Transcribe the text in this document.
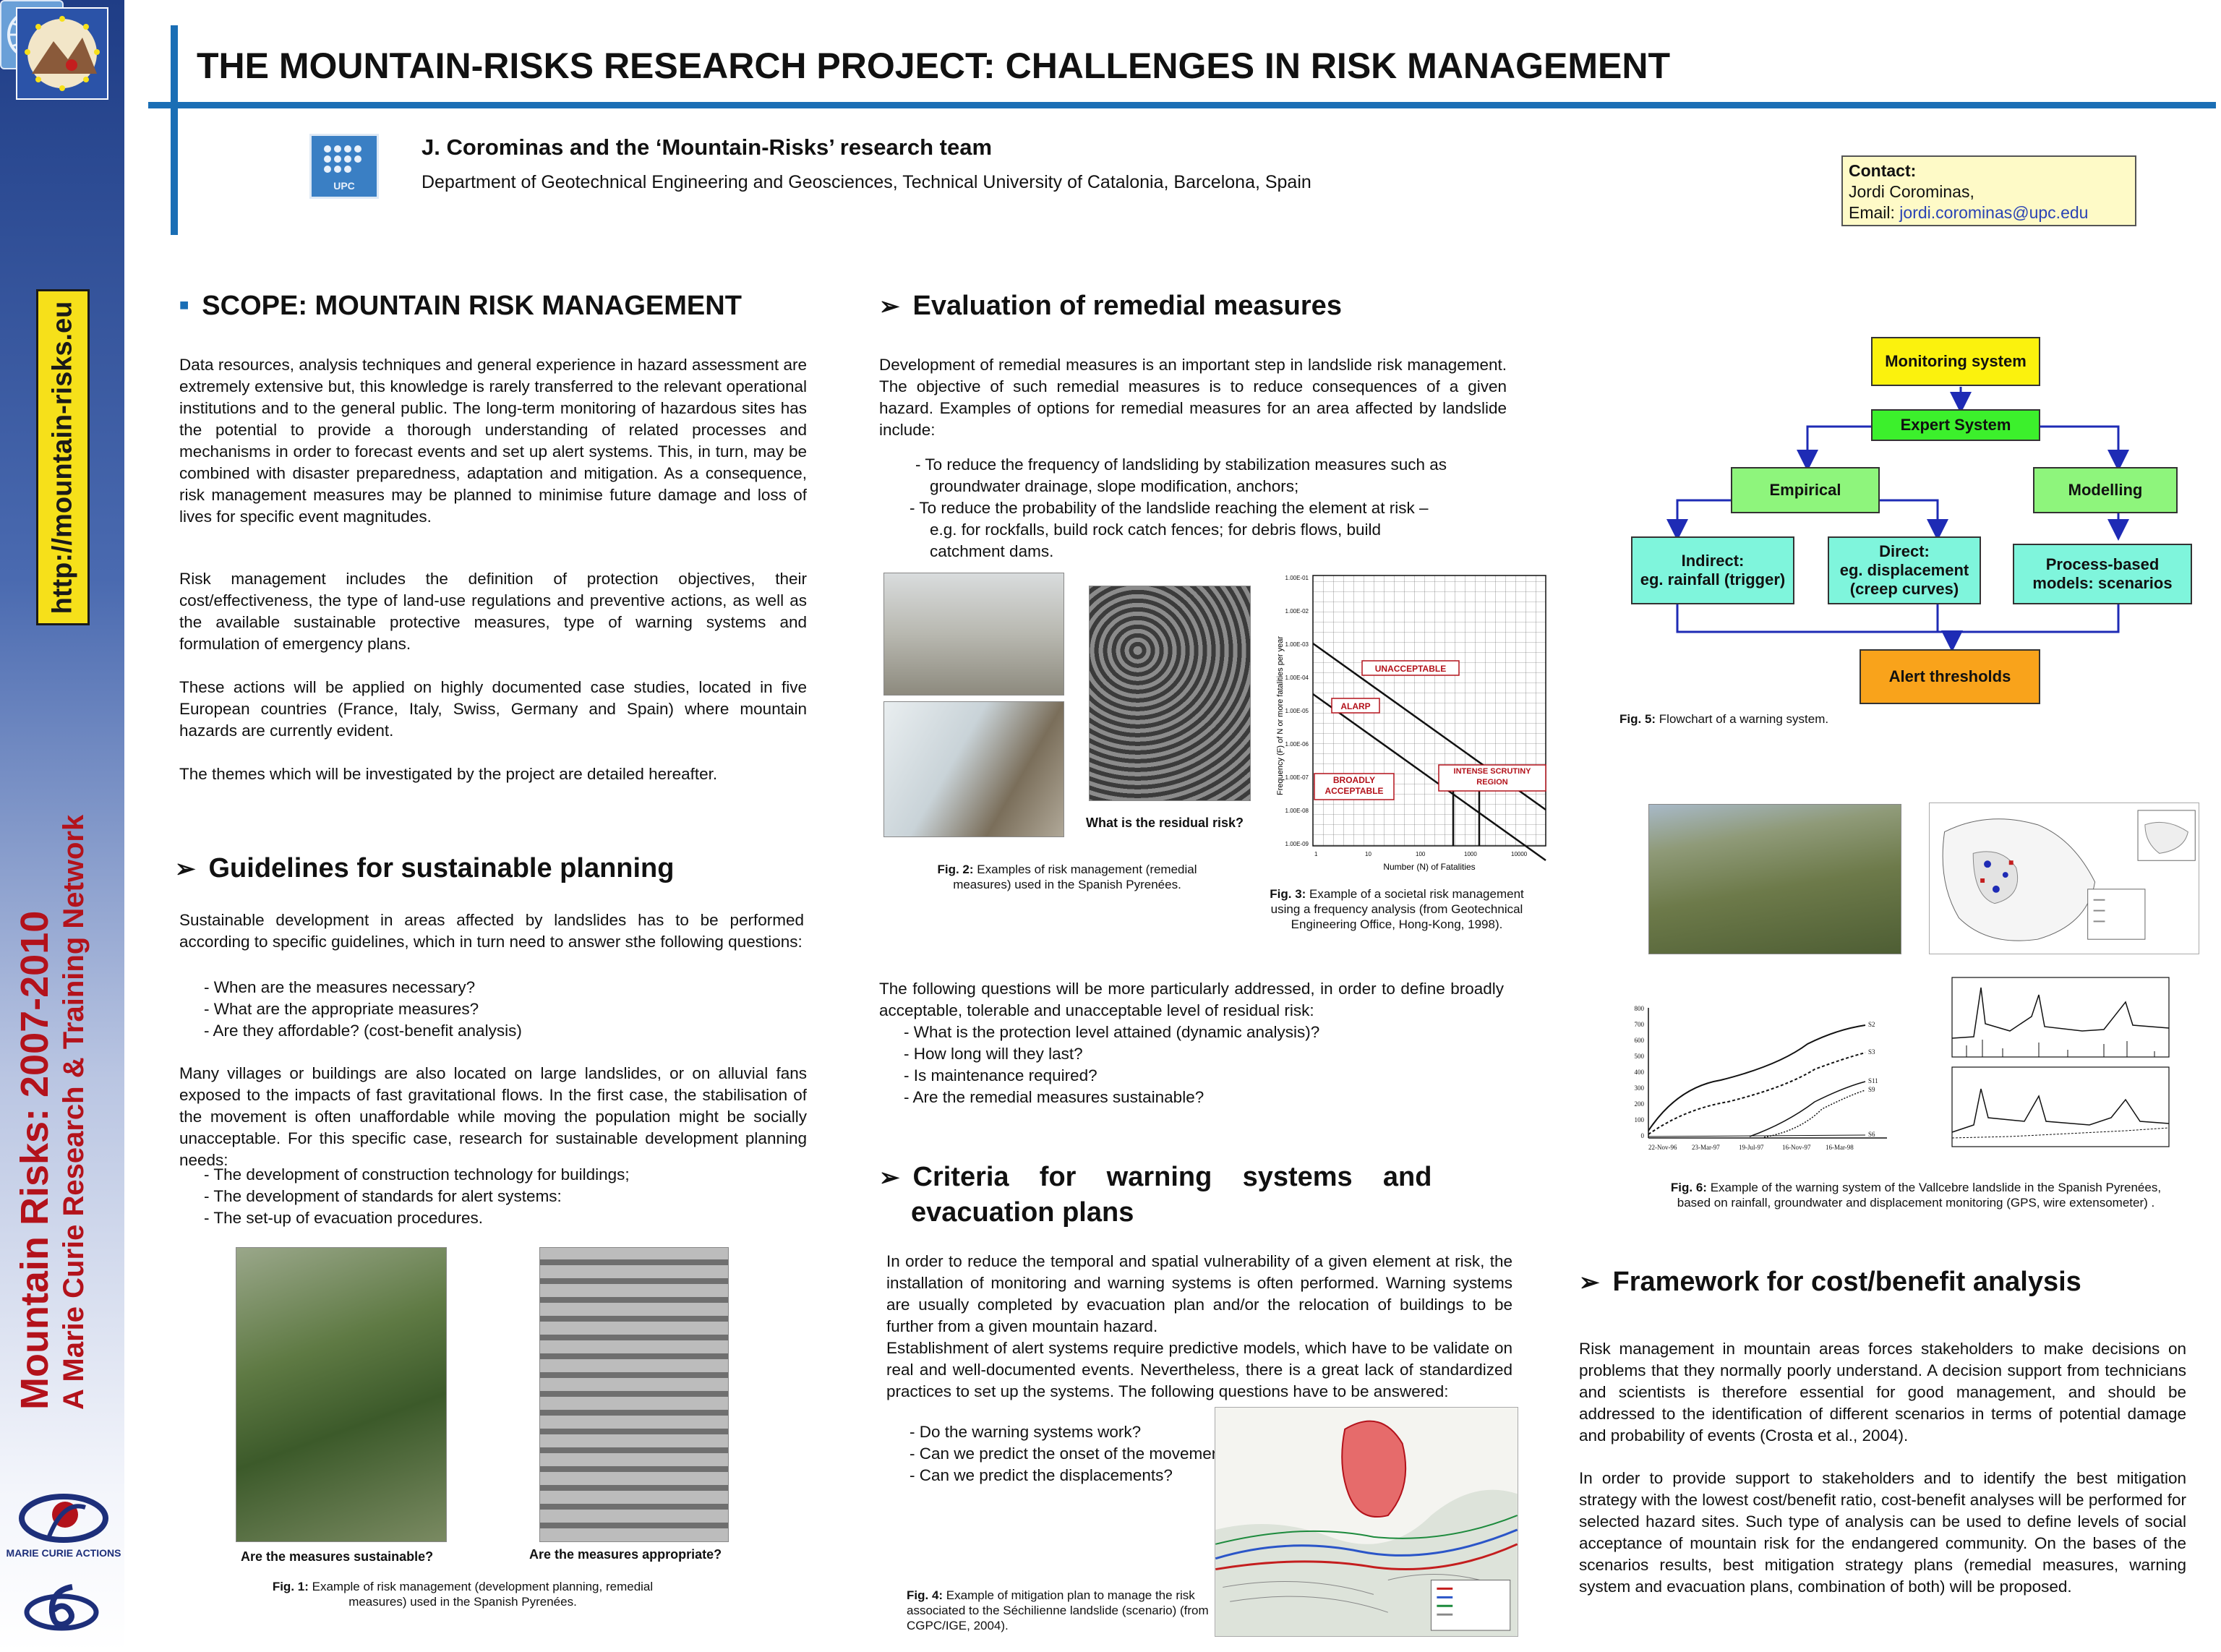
http://mountain-risks.eu
Mountain Risks: 2007-2010 A Marie Curie Research & Training Network
MARIE CURIE ACTIONS
THE MOUNTAIN-RISKS RESEARCH PROJECT: CHALLENGES IN RISK MANAGEMENT
UPC
J. Corominas and the ‘Mountain-Risks’ research team
Department of Geotechnical Engineering and Geosciences, Technical University of Catalonia, Barcelona, Spain
Contact:
Jordi Corominas,
Email: jordi.corominas@upc.edu
■ SCOPE: MOUNTAIN RISK MANAGEMENT
Data resources, analysis techniques and general experience in hazard assessment are extremely extensive but, this knowledge is rarely transferred to the relevant operational institutions and to the general public. The long-term monitoring of hazardous sites has the potential to provide a thorough understanding of related processes and mechanisms in order to forecast events and set up alert systems. This, in turn, may be combined with disaster preparedness, adaptation and mitigation. As a consequence, risk management measures may be planned to minimise future damage and loss of lives for specific event magnitudes.
Risk management includes the definition of protection objectives, their cost/effectiveness, the type of land-use regulations and preventive actions, as well as the available sustainable protective measures, type of warning systems and formulation of emergency plans.
These actions will be applied on highly documented case studies, located in five European countries (France, Italy, Swiss, Germany and Spain) where mountain hazards are currently evident.
The themes which will be investigated by the project are detailed hereafter.
➢ Guidelines for sustainable planning
Sustainable development in areas affected by landslides has to be performed according to specific guidelines, which in turn need to answer sthe following questions:
- When are the measures necessary?
- What are the appropriate measures?
- Are they affordable? (cost-benefit analysis)
Many villages or buildings are also located on large landslides, or on alluvial fans exposed to the impacts of fast gravitational flows. In the first case, the stabilisation of the movement is often unaffordable while moving the population might be socially unacceptable. For this specific case, research for sustainable development planning needs:
- The development of construction technology for buildings;
- The development of standards for alert systems:
- The set-up of evacuation procedures.
Are the measures sustainable?	Are the measures appropriate?
Fig. 1: Example of risk management (development planning, remedial measures) used in the Spanish Pyrenées.
➢ Evaluation of remedial measures
Development of remedial measures is an important step in landslide risk management. The objective of such remedial measures is to reduce consequences of a given hazard. Examples of options for remedial measures for an area affected by landslide include:
- To reduce the frequency of landsliding by stabilization measures such as
groundwater drainage, slope modification, anchors;
- To reduce the probability of the landslide reaching the element at risk –
e.g. for rockfalls, build rock catch fences; for debris flows, build
catchment dams.
What is the residual risk?
1.00E-01
1.00E-02
1.00E-03
1.00E-04
1.00E-05
1.00E-06
1.00E-07
1.00E-08
1.00E-09
1	10	100	1000	10000
Number (N) of Fatalities
Frequency (F) of N or more fatalities per year	UNACCEPTABLE
ALARP
BROADLY ACCEPTABLE
INTENSE SCRUTINY REGION
Fig. 2: Examples of risk management (remedial measures) used in the Spanish Pyrenées.
Fig. 3: Example of a societal risk management using a frequency analysis (from Geotechnical Engineering Office, Hong-Kong, 1998).
The following questions will be more particularly addressed, in order to define broadly acceptable, tolerable and unacceptable level of residual risk:
- What is the protection level attained (dynamic analysis)?
- How long will they last?
- Is maintenance required?
- Are the remedial measures sustainable?
➢ Criteria    for    warning    systems    and
evacuation plans
In order to reduce the temporal and spatial vulnerability of a given element at risk, the installation of monitoring and warning systems is often performed. Warning systems are usually completed by evacuation plan and/or the relocation of buildings to be further from a given mountain hazard.
Establishment of alert systems require predictive models, which have to be validate on real and well-documented events. Nevertheless, there is a great lack of standardized practices to set up the systems. The following questions have to be answered:
- Do the warning systems work?
- Can we predict the onset of the movement?
- Can we predict the displacements?
Fig. 4: Example of mitigation plan to manage the risk associated to the Séchilienne landslide (scenario) (from CGPC/IGE, 2004).
Monitoring system
Expert System
Empirical	Modelling
Indirect:
eg. rainfall (trigger)
Direct:
eg. displacement
(creep curves)
Process-based
models: scenarios
Alert thresholds
Fig. 5: Flowchart of a warning system.
800
700
600
500
400
300
200
100
0
S2
S3
S11
S9
S6
22-Nov-96 23-Mar-97	19-Jul-97	16-Nov-97 16-Mar-98
Fig. 6: Example of the warning system of the Vallcebre landslide in the Spanish Pyrenées,
based on rainfall, groundwater and displacement monitoring (GPS, wire extensometer) .
➢ Framework for cost/benefit analysis
Risk management in mountain areas forces stakeholders to make decisions on problems that they normally poorly understand. A decision support from technicians and scientists is therefore essential for good management, and should be addressed to the identification of different scenarios in terms of potential damage and probability of events (Crosta et al., 2004).
In order to provide support to stakeholders and to identify the best mitigation strategy with the lowest cost/benefit ratio, cost-benefit analyses will be performed for selected hazard sites. Such type of analysis can be used to define levels of social acceptance of mountain risk for the endangered community. On the bases of the scenarios results, best mitigation strategy plans (remedial measures, warning system and evacuation plans, combination of both) will be proposed.
